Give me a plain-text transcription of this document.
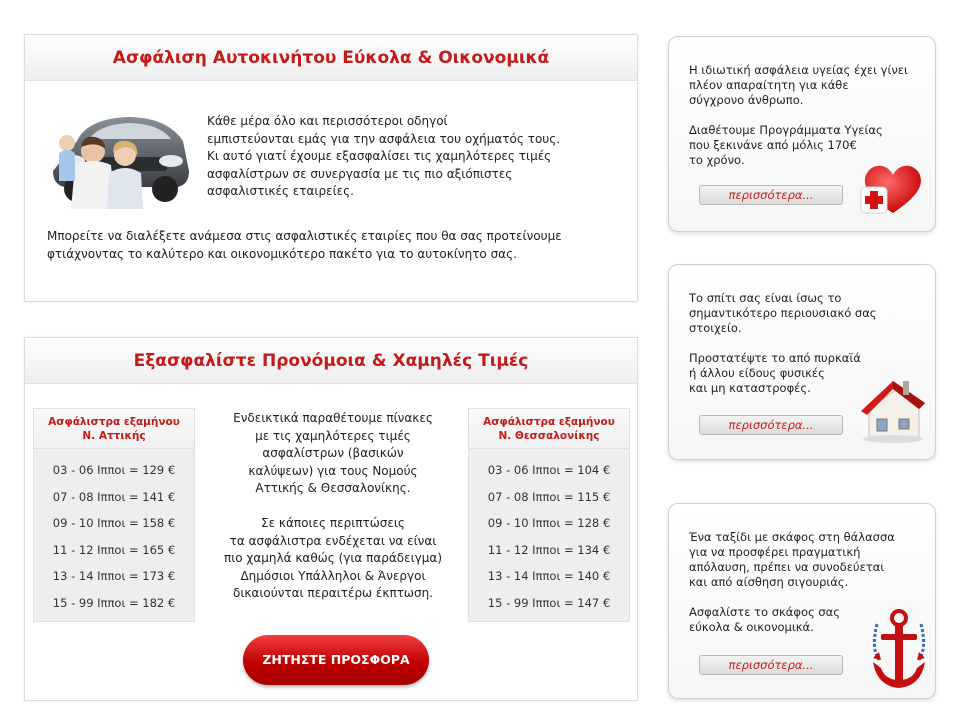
Ασφάλιση Αυτοκινήτου Εύκολα & Οικονομικά
Κάθε μέρα όλο και περισσότεροι οδηγοί
εμπιστεύονται εμάς για την ασφάλεια του οχήματός τους.
Κι αυτό γιατί έχουμε εξασφαλίσει τις χαμηλότερες τιμές
ασφαλίστρων σε συνεργασία με τις πιο αξιόπιστες
ασφαλιστικές εταιρείες.
Μπορείτε να διαλέξετε ανάμεσα στις ασφαλιστικές εταιρίες που θα σας προτείνουμε
φτιάχνοντας το καλύτερο και οικονομικότερο πακέτο για το αυτοκίνητο σας.
Εξασφαλίστε Προνόμοια & Χαμηλές Τιμές
Ασφάλιστρα εξαμήνου
Ν. Αττικής
03 - 06 Ιπποι = 129 €
07 - 08 Ιπποι = 141 €
09 - 10 Ιπποι = 158 €
11 - 12 Ιπποι = 165 €
13 - 14 Ιπποι = 173 €
15 - 99 Ιπποι = 182 €
Ενδεικτικά παραθέτουμε πίνακες
με τις χαμηλότερες τιμές
ασφαλίστρων (βασικών
καλύψεων) για τους Νομούς
Αττικής & Θεσσαλονίκης.
Σε κάποιες περιπτώσεις
τα ασφάλιστρα ενδέχεται να είναι
πιο χαμηλά καθώς (για παράδειγμα)
Δημόσιοι Υπάλληλοι & Άνεργοι
δικαιούνται περαιτέρω έκπτωση.
Ασφάλιστρα εξαμήνου
Ν. Θεσσαλονίκης
03 - 06 Ιπποι = 104 €
07 - 08 Ιπποι = 115 €
09 - 10 Ιπποι = 128 €
11 - 12 Ιπποι = 134 €
13 - 14 Ιπποι = 140 €
15 - 99 Ιπποι = 147 €
ΖΗΤΗΣΤΕ ΠΡΟΣΦΟΡΑ

Η ιδιωτική ασφάλεια υγείας έχει γίνει
πλέον απαραίτητη για κάθε
σύγχρονο άνθρωπο.

Διαθέτουμε Προγράμματα Υγείας
που ξεκινάνε από μόλις 170€
το χρόνο.

περισσότερα...

Το σπίτι σας είναι ίσως το
σημαντικότερο περιουσιακό σας
στοιχείο.

Προστατέψτε το από πυρκαϊά
ή άλλου είδους φυσικές
και μη καταστροφές.

περισσότερα...

Ένα ταξίδι με σκάφος στη θάλασσα
για να προσφέρει πραγματική
απόλαυση, πρέπει να συνοδεύεται
και από αίσθηση σιγουριάς.

Ασφαλίστε το σκάφος σας
εύκολα & οικονομικά.

περισσότερα...
